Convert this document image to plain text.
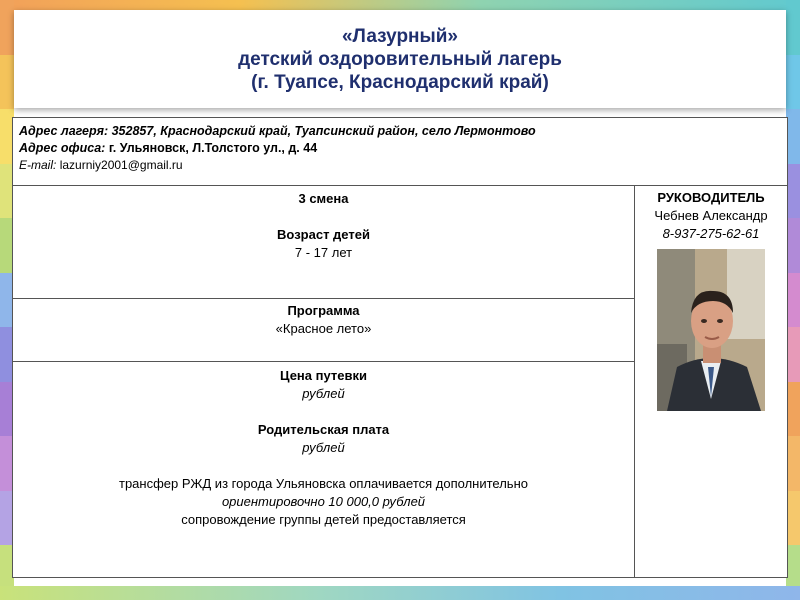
«Лазурный»
детский оздоровительный лагерь
(г. Туапсе, Краснодарский край)
Адрес лагеря: 352857, Краснодарский край, Туапсинский район, село Лермонтово
Адрес офиса: г. Ульяновск, Л.Толстого ул., д. 44
E-mail: lazurniy2001@gmail.ru

3 смена
Возраст детей
7 - 17 лет

РУКОВОДИТЕЛЬ
Чебнев Александр
8-937-275-62-61

Программа
«Красное лето»

Цена путевки
рублей
Родительская плата
рублей
трансфер РЖД из города Ульяновска оплачивается дополнительно
ориентировочно 10 000,0 рублей
сопровождение группы детей предоставляется
